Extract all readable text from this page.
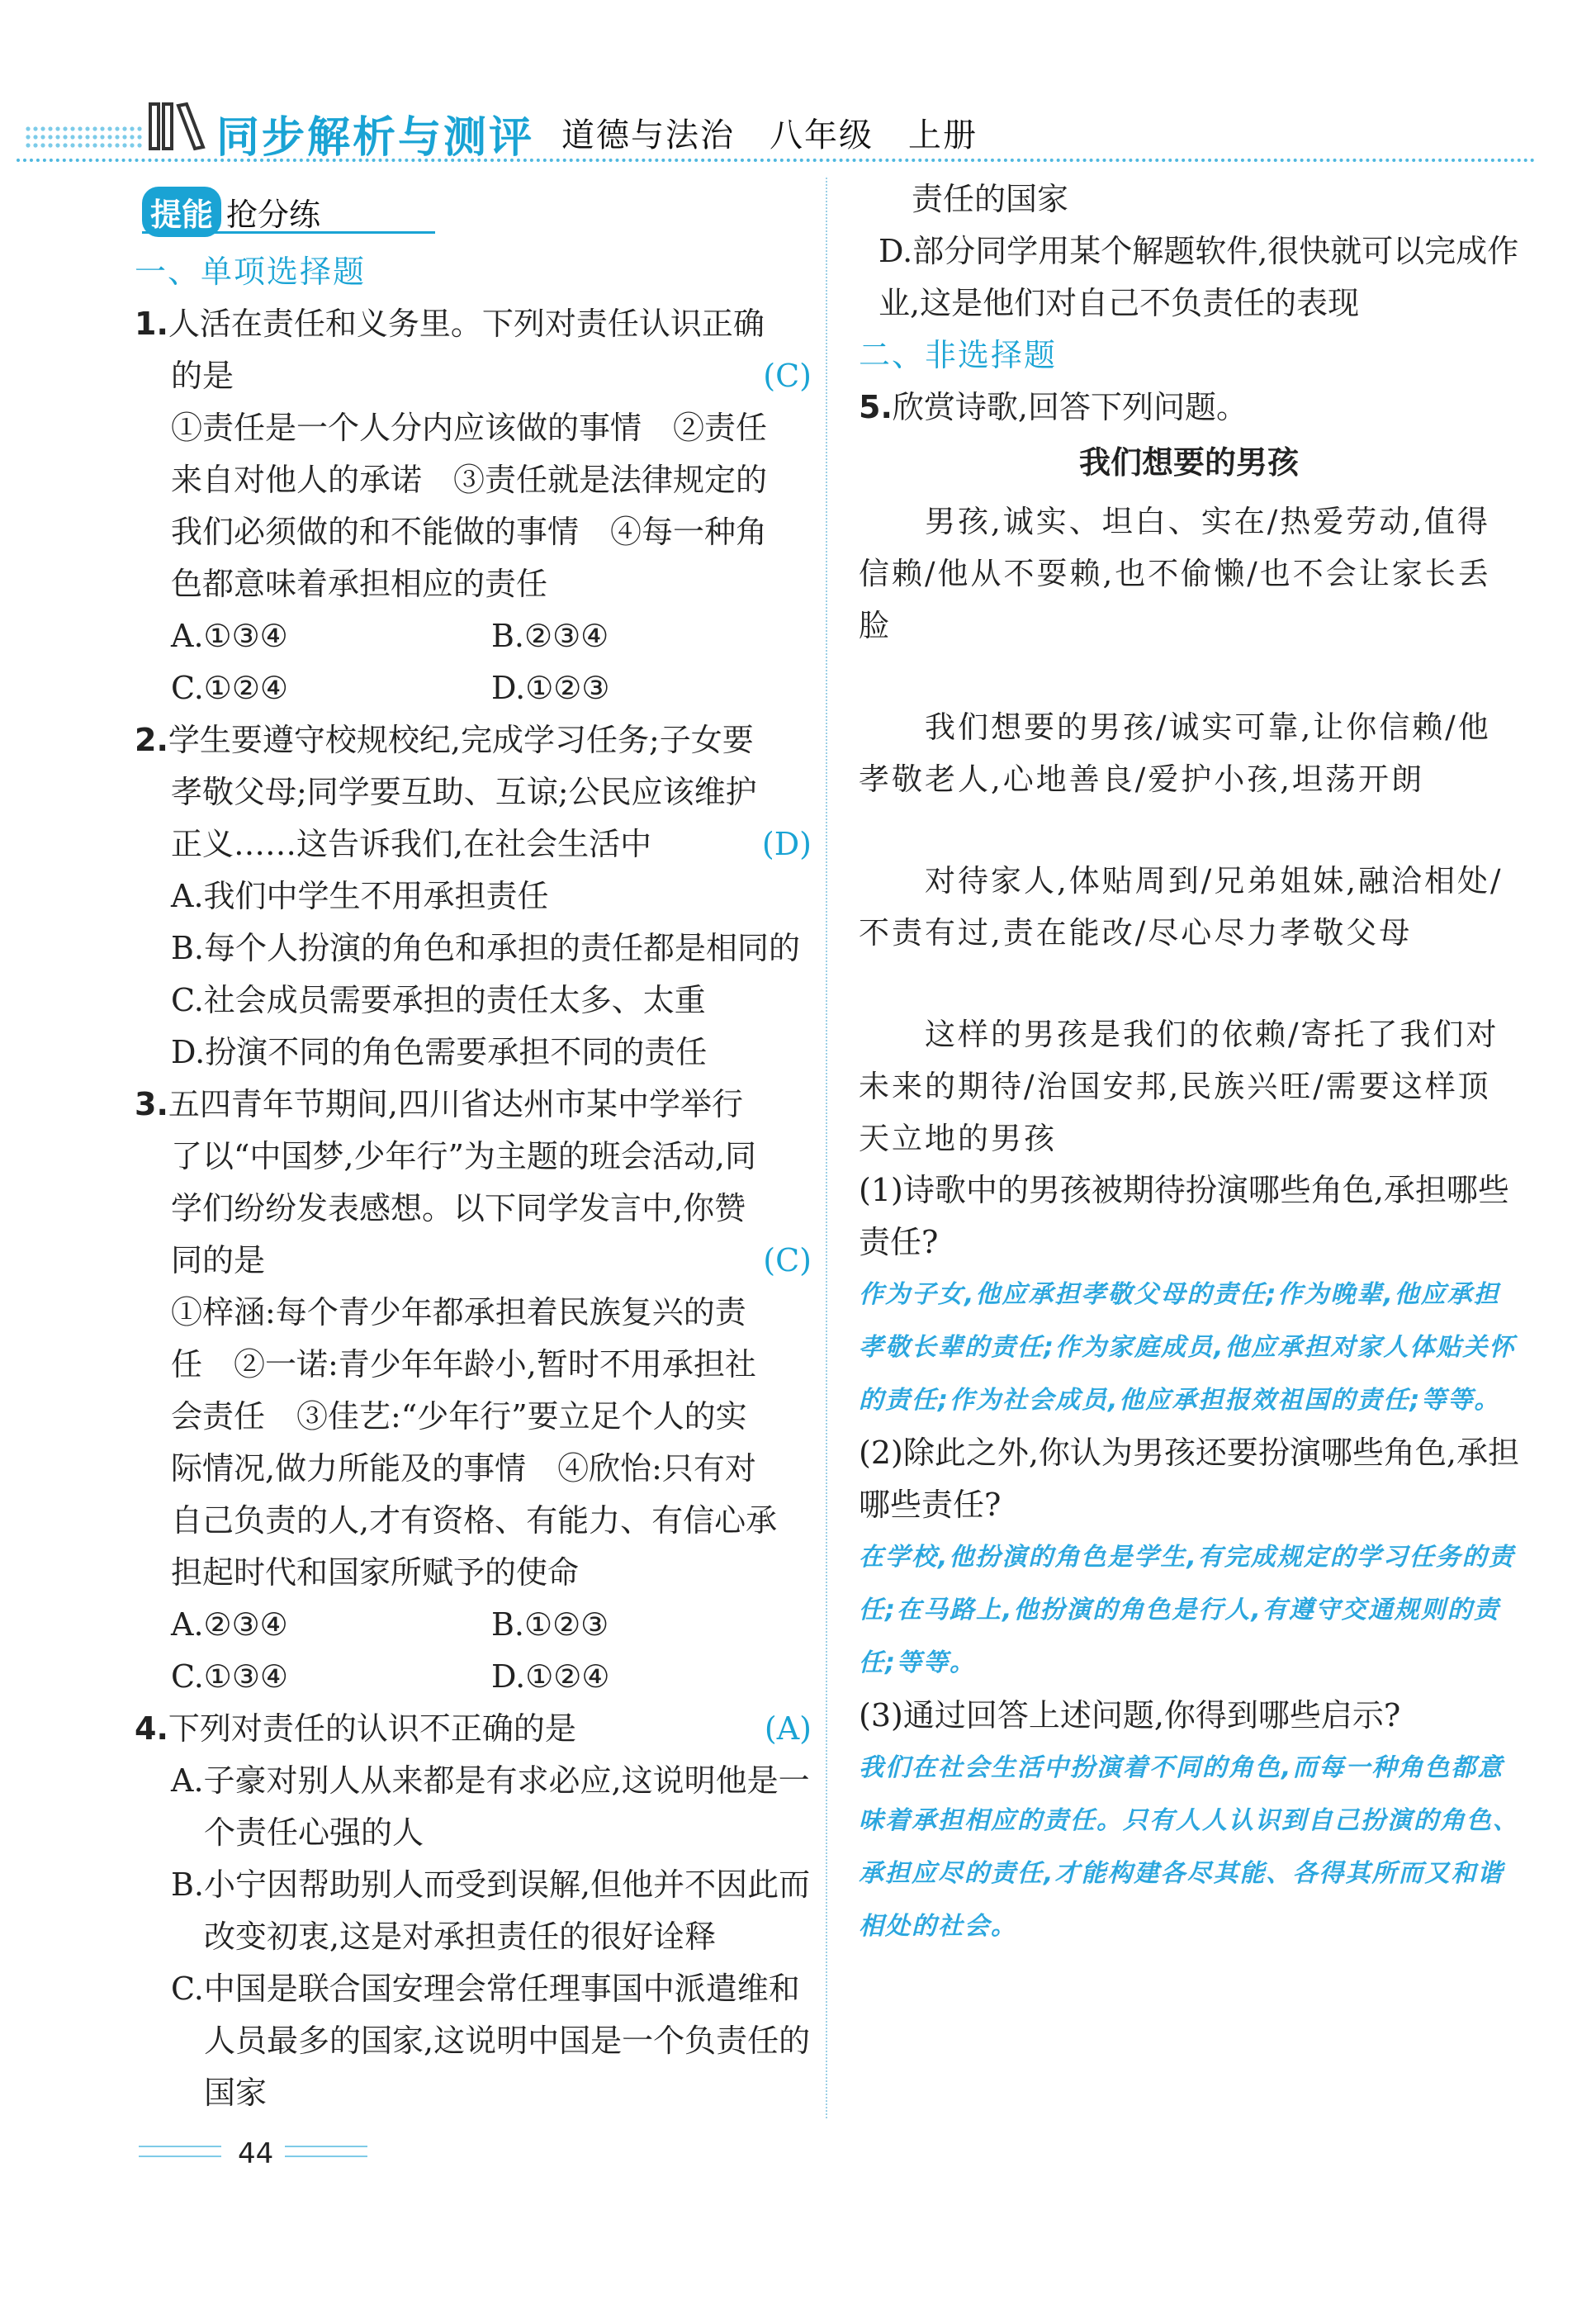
同步解析与测评 道德与法治　八年级　上册
提能 抢分练
一、单项选择题
1.人活在责任和义务里。下列对责任认识正确
的是	(C)
①责任是一个人分内应该做的事情　②责任
来自对他人的承诺　③责任就是法律规定的
我们必须做的和不能做的事情　④每一种角
色都意味着承担相应的责任
A.①③④	B.②③④
C.①②④	D.①②③
2.学生要遵守校规校纪,完成学习任务;子女要
孝敬父母;同学要互助、互谅;公民应该维护
正义……这告诉我们,在社会生活中	(D)
A.我们中学生不用承担责任
B.每个人扮演的角色和承担的责任都是相同的
C.社会成员需要承担的责任太多、太重
D.扮演不同的角色需要承担不同的责任
3.五四青年节期间,四川省达州市某中学举行
了以“中国梦,少年行”为主题的班会活动,同
学们纷纷发表感想。以下同学发言中,你赞
同的是	(C)
①梓涵:每个青少年都承担着民族复兴的责
任　②一诺:青少年年龄小,暂时不用承担社
会责任　③佳艺:“少年行”要立足个人的实
际情况,做力所能及的事情　④欣怡:只有对
自己负责的人,才有资格、有能力、有信心承
担起时代和国家所赋予的使命
A.②③④	B.①②③
C.①③④	D.①②④
4.下列对责任的认识不正确的是	(A)
A.子豪对别人从来都是有求必应,这说明他是一个责任心强的人
B.小宁因帮助别人而受到误解,但他并不因此而改变初衷,这是对承担责任的很好诠释
C.中国是联合国安理会常任理事国中派遣维和人员最多的国家,这说明中国是一个负责任的国家
责任的国家
D.部分同学用某个解题软件,很快就可以完成作业,这是他们对自己不负责任的表现
二、非选择题
5.欣赏诗歌,回答下列问题。
我们想要的男孩
男孩,诚实、坦白、实在/热爱劳动,值得信赖/他从不耍赖,也不偷懒/也不会让家长丢脸
我们想要的男孩/诚实可靠,让你信赖/他孝敬老人,心地善良/爱护小孩,坦荡开朗
对待家人,体贴周到/兄弟姐妹,融洽相处/不责有过,责在能改/尽心尽力孝敬父母
这样的男孩是我们的依赖/寄托了我们对未来的期待/治国安邦,民族兴旺/需要这样顶天立地的男孩
(1)诗歌中的男孩被期待扮演哪些角色,承担哪些责任?
作为子女,他应承担孝敬父母的责任;作为晚辈,他应承担孝敬长辈的责任;作为家庭成员,他应承担对家人体贴关怀的责任;作为社会成员,他应承担报效祖国的责任;等等。
(2)除此之外,你认为男孩还要扮演哪些角色,承担哪些责任?
在学校,他扮演的角色是学生,有完成规定的学习任务的责任;在马路上,他扮演的角色是行人,有遵守交通规则的责任;等等。
(3)通过回答上述问题,你得到哪些启示?
我们在社会生活中扮演着不同的角色,而每一种角色都意味着承担相应的责任。只有人人认识到自己扮演的角色、承担应尽的责任,才能构建各尽其能、各得其所而又和谐相处的社会。
44
